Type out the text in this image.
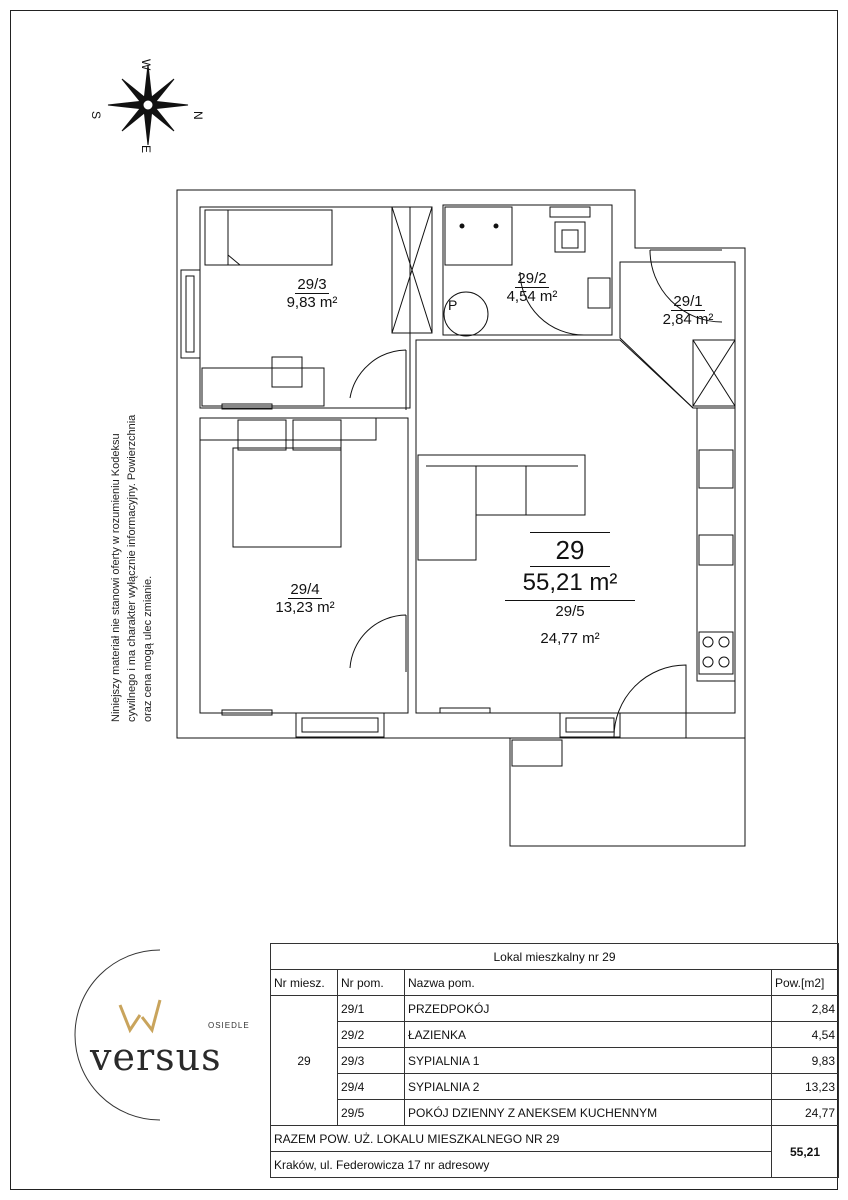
N
S
E
W
P
Niniejszy materiał nie stanowi oferty w rozumieniu Kodeksu cywilnego i ma charakter wyłącznie informacyjny. Powierzchnia oraz cena mogą ulec zmianie.
29/3
9,83 m²
29/2
4,54 m²	29/1
2,84 m²
29/4
13,23 m²
29
55,21 m²
29/5
24,77 m²
OSIEDLE
versus
Lokal mieszkalny nr 29			
Nr miesz.	Nr pom.	Nazwa pom.	Pow.[m2]
29	29/1	PRZEDPOKÓJ	2,84
	29/2	ŁAZIENKA	4,54
	29/3	SYPIALNIA 1	9,83
	29/4	SYPIALNIA 2	13,23
	29/5	POKÓJ DZIENNY Z ANEKSEM KUCHENNYM	24,77
RAZEM POW. UŻ. LOKALU MIESZKALNEGO NR 29			55,21
Kraków, ul. Federowicza 17 nr adresowy			
